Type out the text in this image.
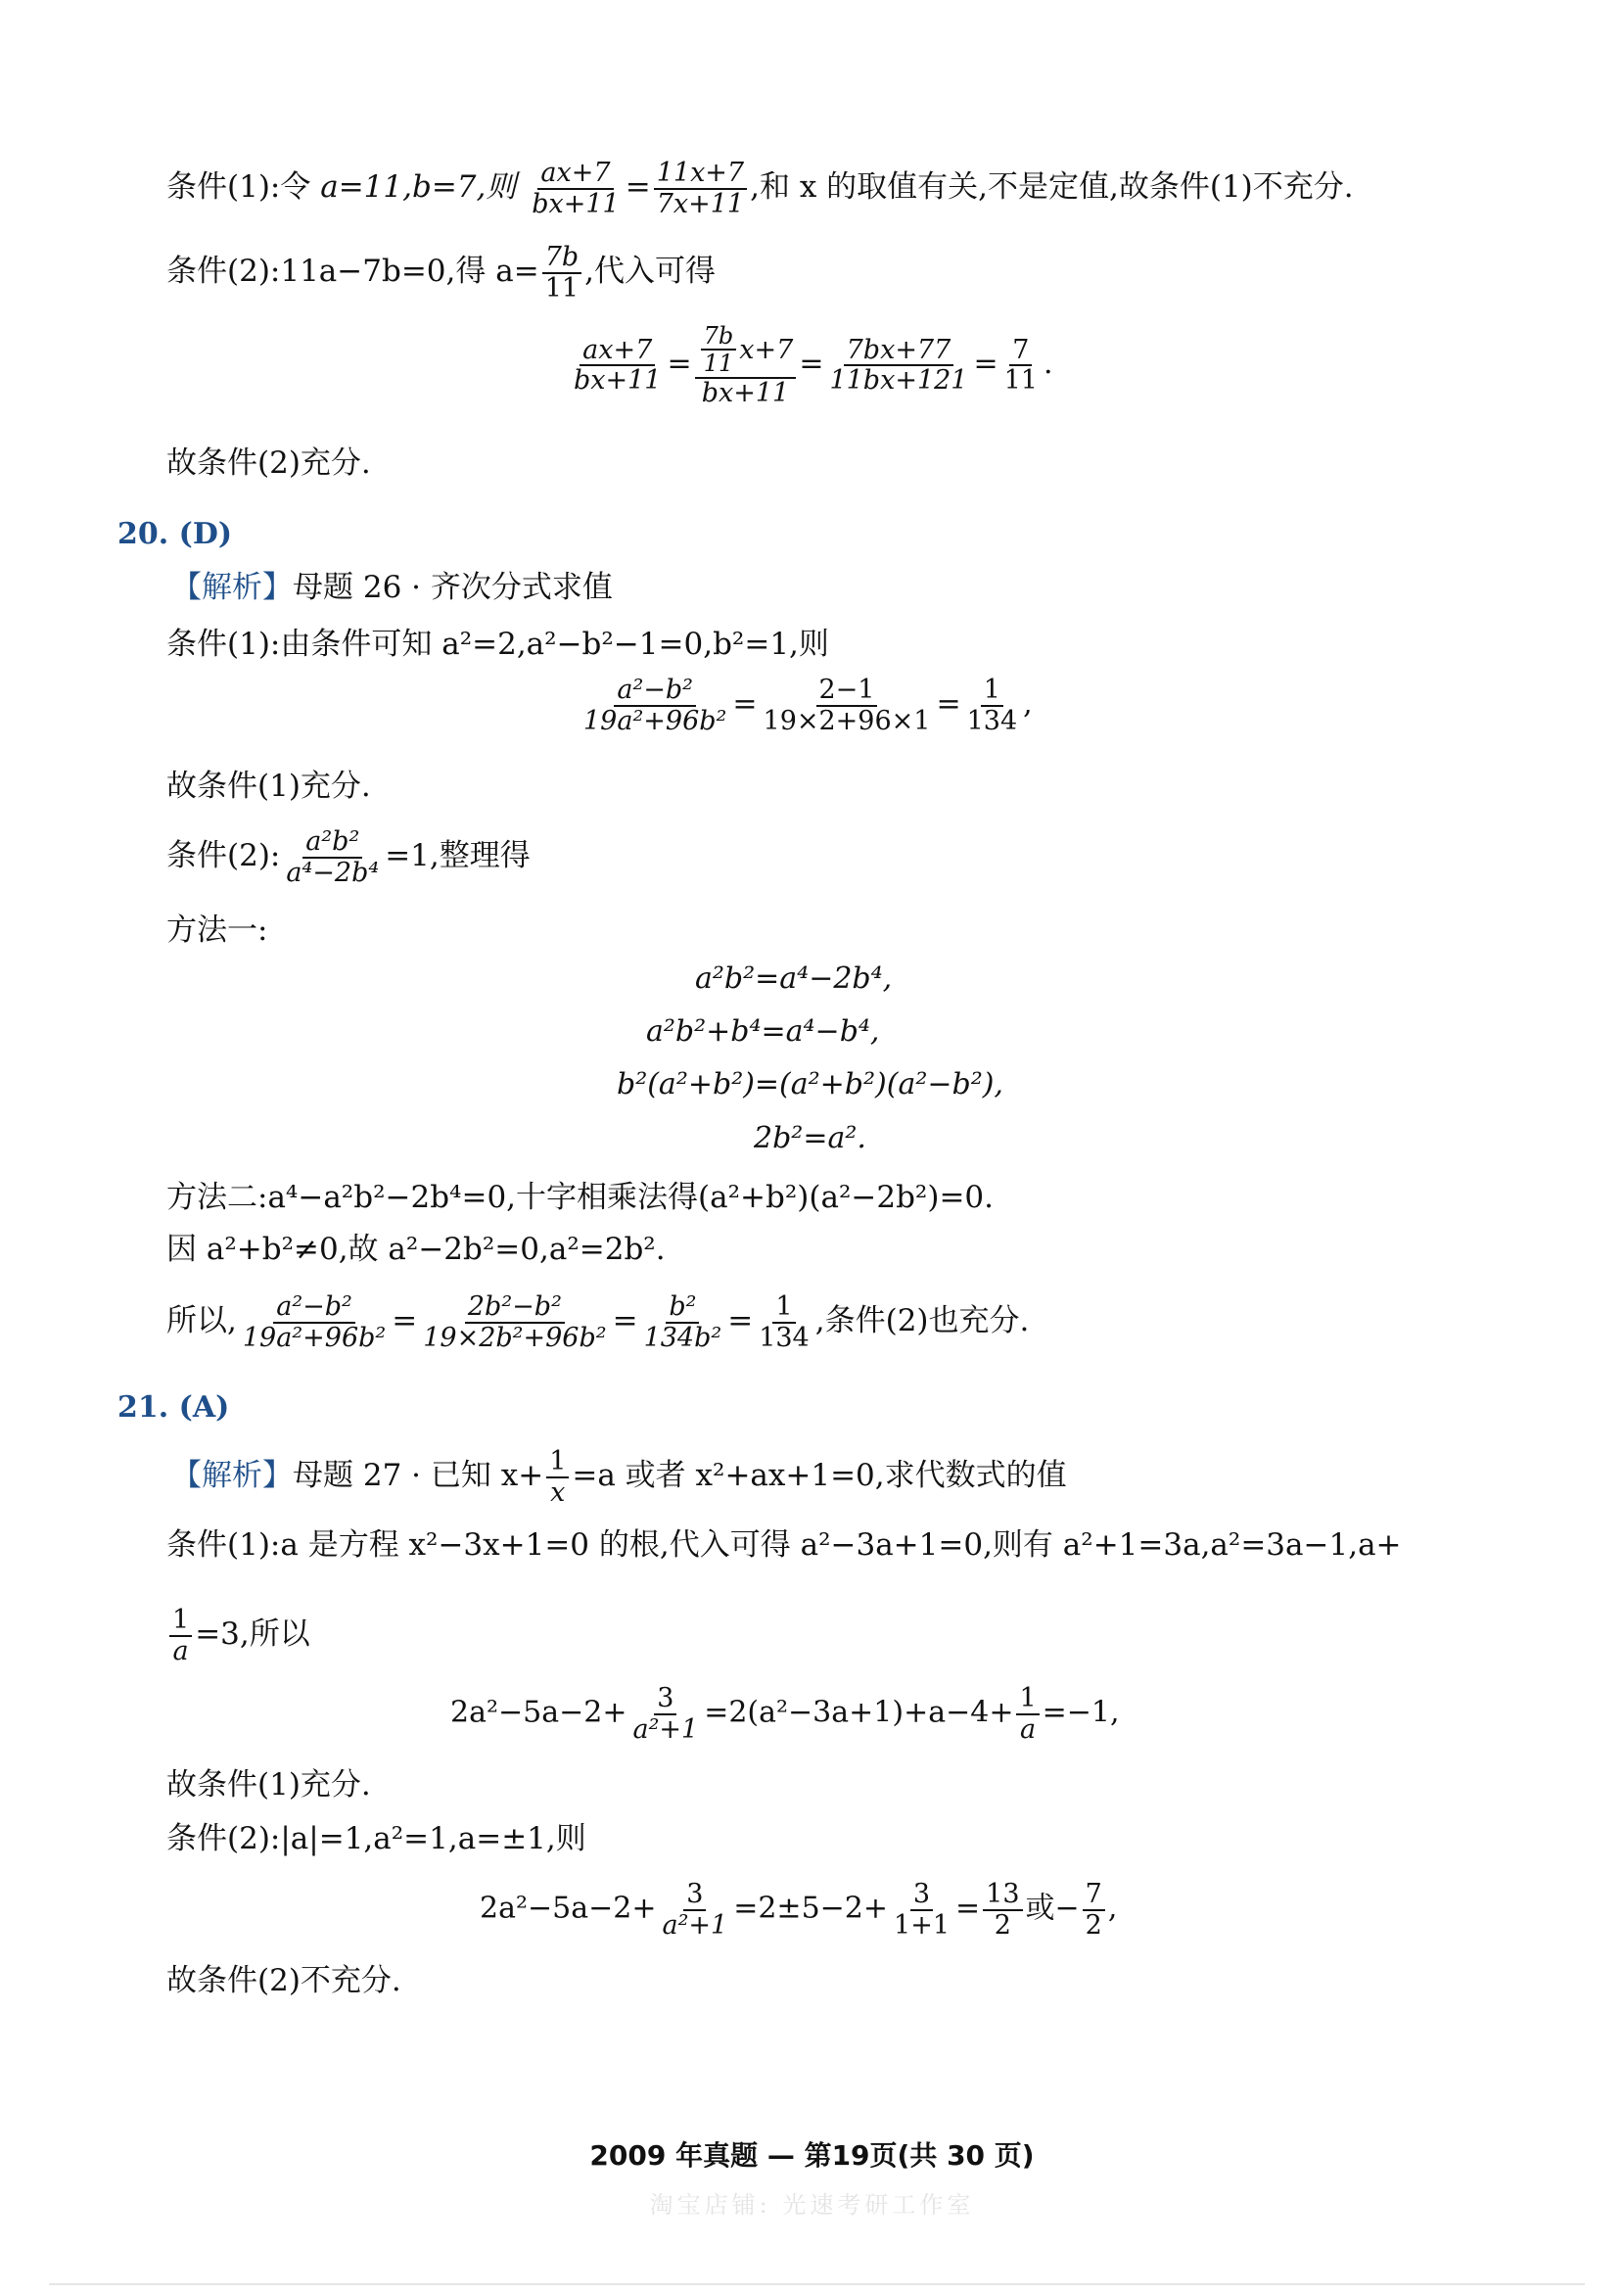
条件(1):令 a=11,b=7,则 $\frac{ax+7}{bx+11} = \frac{11x+7}{7x+11}$ ,和 x 的取值有关,不是定值,故条件(1)不充分.
条件(2):11a−7b=0,得 $a= \frac{7b}{11}$ ,代入可得
$\frac{ax+7}{bx+11} = \frac{\frac{7b}{11} x+7}{bx+11} = \frac{7bx+77}{11bx+121} = \frac{7}{11}$ .
故条件(2)充分.
20. (D)
【解析】母题 26 · 齐次分式求值
条件(1):由条件可知 a²=2,a²−b²−1=0,b²=1,则
$\frac{\text{a²−b²}}{\text{19a²+96b²}} = \frac{2-1}{19\times 2+96\times 1} = \frac{1}{134}$ ,
故条件(1)充分.
条件(2): $\frac{\text{a²b²}}{\text{a⁴−2b⁴}} =1$,整理得
方法一:
a²b²=a⁴−2b⁴,
a²b²+b⁴=a⁴−b⁴,
b²(a²+b²)=(a²+b²)(a²−b²),
2b²=a².
方法二:a⁴−a²b²−2b⁴=0,十字相乘法得(a²+b²)(a²−2b²)=0.
因 a²+b²≠0,故 a²−2b²=0,a²=2b².
所以, $\frac{\text{a²−b²}}{\text{19a²+96b²}} = \frac{\text{2b²−b²}}{\text{19×2b²+96b²}} = \frac{\text{b²}}{\text{134b²}} = \frac{1}{134}$ ,条件(2)也充分.
21. (A)
【解析】母题 27 · 已知 $x+ \frac{1}{x} =a$ 或者 x²+ax+1=0,求代数式的值
条件(1):a 是方程 x²−3x+1=0 的根,代入可得 a²−3a+1=0,则有 a²+1=3a,a²=3a−1,a+
$\frac{1}{a} =3$,所以
$2a^2-5a-2+ \frac{3}{\text{a²+1}} =2(a^2-3a+1)+a-4+ \frac{1}{a} =-1$,
故条件(1)充分.
条件(2):|a|=1,a²=1,a=±1,则
$2a^2-5a-2+ \frac{3}{\text{a²+1}} =2\pm 5-2+ \frac{3}{1+1} = \frac{13}{2}$ 或− $\frac{7}{2}$ ,
故条件(2)不充分.
2009 年真题 — 第19页(共 30 页)
淘宝店铺: 光速考研工作室
